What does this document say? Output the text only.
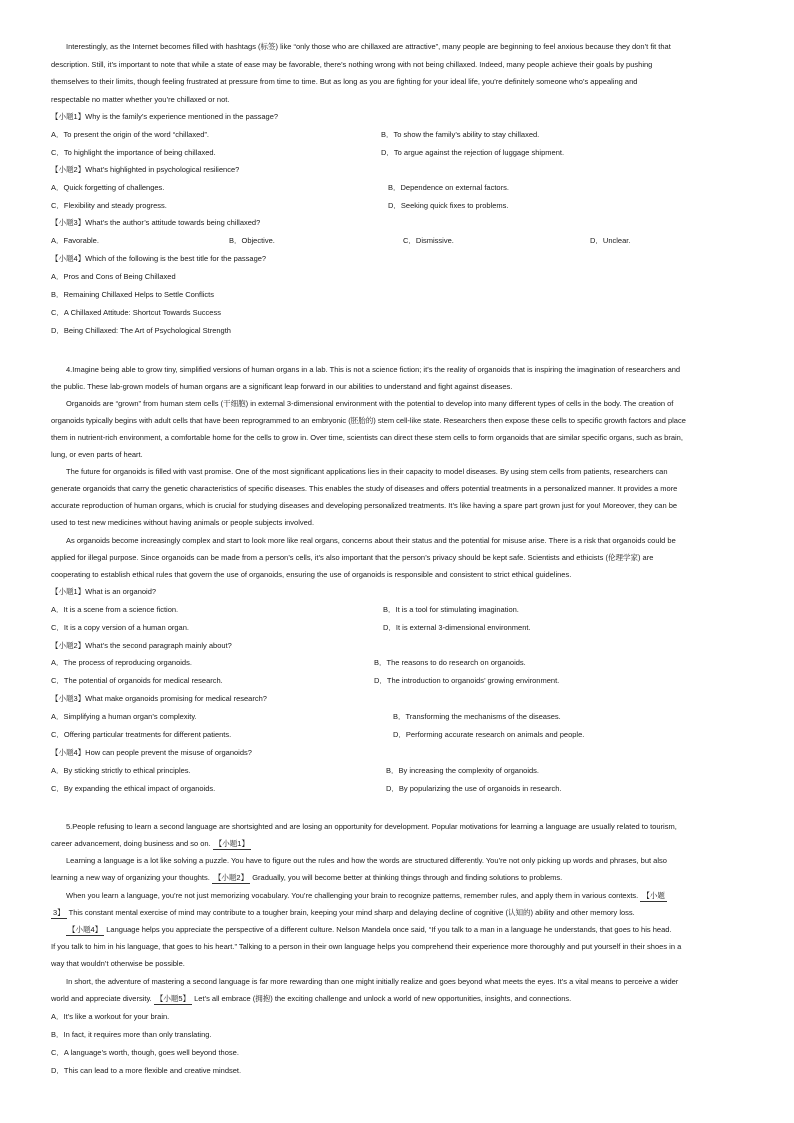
Interestingly, as the Internet becomes filled with hashtags (标签) like “only those who are chillaxed are attractive”, many people are beginning to feel anxious because they don’t fit that
description. Still, it’s important to note that while a state of ease may be favorable, there’s nothing wrong with not being chillaxed. Indeed, many people achieve their goals by pushing
themselves to their limits, though feeling frustrated at pressure from time to time. But as long as you are fighting for your ideal life, you’re definitely someone who’s appealing and
respectable no matter whether you’re chillaxed or not.
【小题1】Why is the family’s experience mentioned in the passage?
A．To present the origin of the word “chillaxed”.	B．To show the family’s ability to stay chillaxed.
C．To highlight the importance of being chillaxed.	D．To argue against the rejection of luggage shipment.
【小题2】What’s highlighted in psychological resilience?
A．Quick forgetting of challenges.	B．Dependence on external factors.
C．Flexibility and steady progress.	D．Seeking quick fixes to problems.
【小题3】What’s the author’s attitude towards being chillaxed?
A．Favorable.	B．Objective.	C．Dismissive.	D．Unclear.
【小题4】Which of the following is the best title for the passage?
A．Pros and Cons of Being Chillaxed
B．Remaining Chillaxed Helps to Settle Conflicts
C．A Chillaxed Attitude: Shortcut Towards Success
D．Being Chillaxed: The Art of Psychological Strength
4.Imagine being able to grow tiny, simplified versions of human organs in a lab. This is not a science fiction; it’s the reality of organoids that is inspiring the imagination of researchers and
the public. These lab-grown models of human organs are a significant leap forward in our abilities to understand and fight against diseases.
Organoids are “grown” from human stem cells (干细胞) in external 3-dimensional environment with the potential to develop into many different types of cells in the body. The creation of
organoids typically begins with adult cells that have been reprogrammed to an embryonic (胚胎的) stem cell-like state. Researchers then expose these cells to specific growth factors and place
them in nutrient-rich environment, a comfortable home for the cells to grow in. Over time, scientists can direct these stem cells to form organoids that are similar specific organs, such as brain,
lung, or even parts of heart.
The future for organoids is filled with vast promise. One of the most significant applications lies in their capacity to model diseases. By using stem cells from patients, researchers can
generate organoids that carry the genetic characteristics of specific diseases. This enables the study of diseases and offers potential treatments in a personalized manner. It provides a more
accurate reproduction of human organs, which is crucial for studying diseases and developing personalized treatments. It’s like having a spare part grown just for you! Moreover, they can be
used to test new medicines without having animals or people subjects involved.
As organoids become increasingly complex and start to look more like real organs, concerns about their status and the potential for misuse arise. There is a risk that organoids could be
applied for illegal purpose. Since organoids can be made from a person’s cells, it’s also important that the person’s privacy should be kept safe. Scientists and ethicists (伦理学家) are
cooperating to establish ethical rules that govern the use of organoids, ensuring the use of organoids is responsible and consistent to strict ethical guidelines.
【小题1】What is an organoid?
A．It is a scene from a science fiction.	B．It is a tool for stimulating imagination.
C．It is a copy version of a human organ.	D．It is external 3-dimensional environment.
【小题2】What’s the second paragraph mainly about?
A．The process of reproducing organoids.	B．The reasons to do research on organoids.
C．The potential of organoids for medical research.	D．The introduction to organoids’ growing environment.
【小题3】What make organoids promising for medical research?
A．Simplifying a human organ’s complexity.	B．Transforming the mechanisms of the diseases.
C．Offering particular treatments for different patients.	D．Performing accurate research on animals and people.
【小题4】How can people prevent the misuse of organoids?
A．By sticking strictly to ethical principles.	B．By increasing the complexity of organoids.
C．By expanding the ethical impact of organoids.	D．By popularizing the use of organoids in research.
5.People refusing to learn a second language are shortsighted and are losing an opportunity for development. Popular motivations for learning a language are usually related to tourism,
career advancement, doing business and so on. 【小题1】
Learning a language is a lot like solving a puzzle. You have to figure out the rules and how the words are structured differently. You’re not only picking up words and phrases, but also
learning a new way of organizing your thoughts. 【小题2】 Gradually, you will become better at thinking things through and finding solutions to problems.
When you learn a language, you’re not just memorizing vocabulary. You’re challenging your brain to recognize patterns, remember rules, and apply them in various contexts. 【小题
3】 This constant mental exercise of mind may contribute to a tougher brain, keeping your mind sharp and delaying decline of cognitive (认知的) ability and other memory loss.
【小题4】 Language helps you appreciate the perspective of a different culture. Nelson Mandela once said, “If you talk to a man in a language he understands, that goes to his head.
If you talk to him in his language, that goes to his heart.” Talking to a person in their own language helps you comprehend their experience more thoroughly and put yourself in their shoes in a
way that wouldn’t otherwise be possible.
In short, the adventure of mastering a second language is far more rewarding than one might initially realize and goes beyond what meets the eyes. It’s a vital means to perceive a wider
world and appreciate diversity. 【小题5】 Let’s all embrace (拥抱) the exciting challenge and unlock a world of new opportunities, insights, and connections.
A．It’s like a workout for your brain.
B．In fact, it requires more than only translating.
C．A language’s worth, though, goes well beyond those.
D．This can lead to a more flexible and creative mindset.
